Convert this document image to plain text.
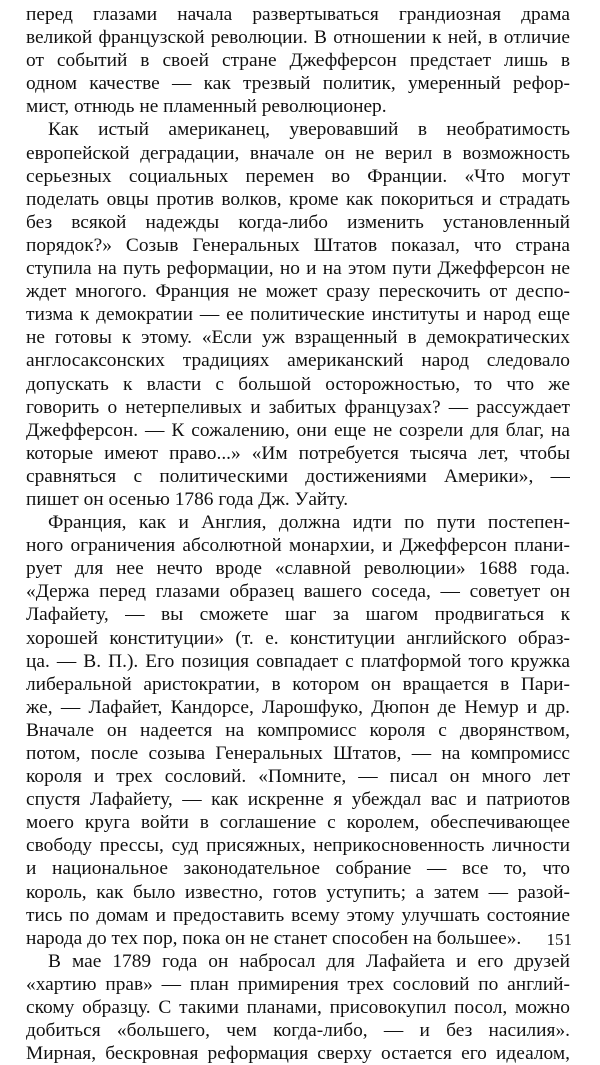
перед глазами начала развертываться грандиозная драма
великой французской революции. В отношении к ней, в отличие
от событий в своей стране Джефферсон предстает лишь в
одном качестве — как трезвый политик, умеренный рефор-
мист, отнюдь не пламенный революционер.
Как истый американец, уверовавший в необратимость
европейской деградации, вначале он не верил в возможность
серьезных социальных перемен во Франции. «Что могут
поделать овцы против волков, кроме как покориться и страдать
без всякой надежды когда-либо изменить установленный
порядок?» Созыв Генеральных Штатов показал, что страна
ступила на путь реформации, но и на этом пути Джефферсон не
ждет многого. Франция не может сразу перескочить от деспо-
тизма к демократии — ее политические институты и народ еще
не готовы к этому. «Если уж взращенный в демократических
англосаксонских традициях американский народ следовало
допускать к власти с большой осторожностью, то что же
говорить о нетерпеливых и забитых французах? — рассуждает
Джефферсон. — К сожалению, они еще не созрели для благ, на
которые имеют право...» «Им потребуется тысяча лет, чтобы
сравняться с политическими достижениями Америки», —
пишет он осенью 1786 года Дж. Уайту.
Франция, как и Англия, должна идти по пути постепен-
ного ограничения абсолютной монархии, и Джефферсон плани-
рует для нее нечто вроде «славной революции» 1688 года.
«Держа перед глазами образец вашего соседа, — советует он
Лафайету, — вы сможете шаг за шагом продвигаться к
хорошей конституции» (т. е. конституции английского образ-
ца. — В. П.). Его позиция совпадает с платформой того кружка
либеральной аристократии, в котором он вращается в Пари-
же, — Лафайет, Кандорсе, Ларошфуко, Дюпон де Немур и др.
Вначале он надеется на компромисс короля с дворянством,
потом, после созыва Генеральных Штатов, — на компромисс
короля и трех сословий. «Помните, — писал он много лет
спустя Лафайету, — как искренне я убеждал вас и патриотов
моего круга войти в соглашение с королем, обеспечивающее
свободу прессы, суд присяжных, неприкосновенность личности
и национальное законодательное собрание — все то, что
король, как было известно, готов уступить; а затем — разой-
тись по домам и предоставить всему этому улучшать состояние
народа до тех пор, пока он не станет способен на большее».
В мае 1789 года он набросал для Лафайета и его друзей
«хартию прав» — план примирения трех сословий по англий-
скому образцу. С такими планами, присовокупил посол, можно
добиться «большего, чем когда-либо, — и без насилия».
Мирная, бескровная реформация сверху остается его идеалом,
151
